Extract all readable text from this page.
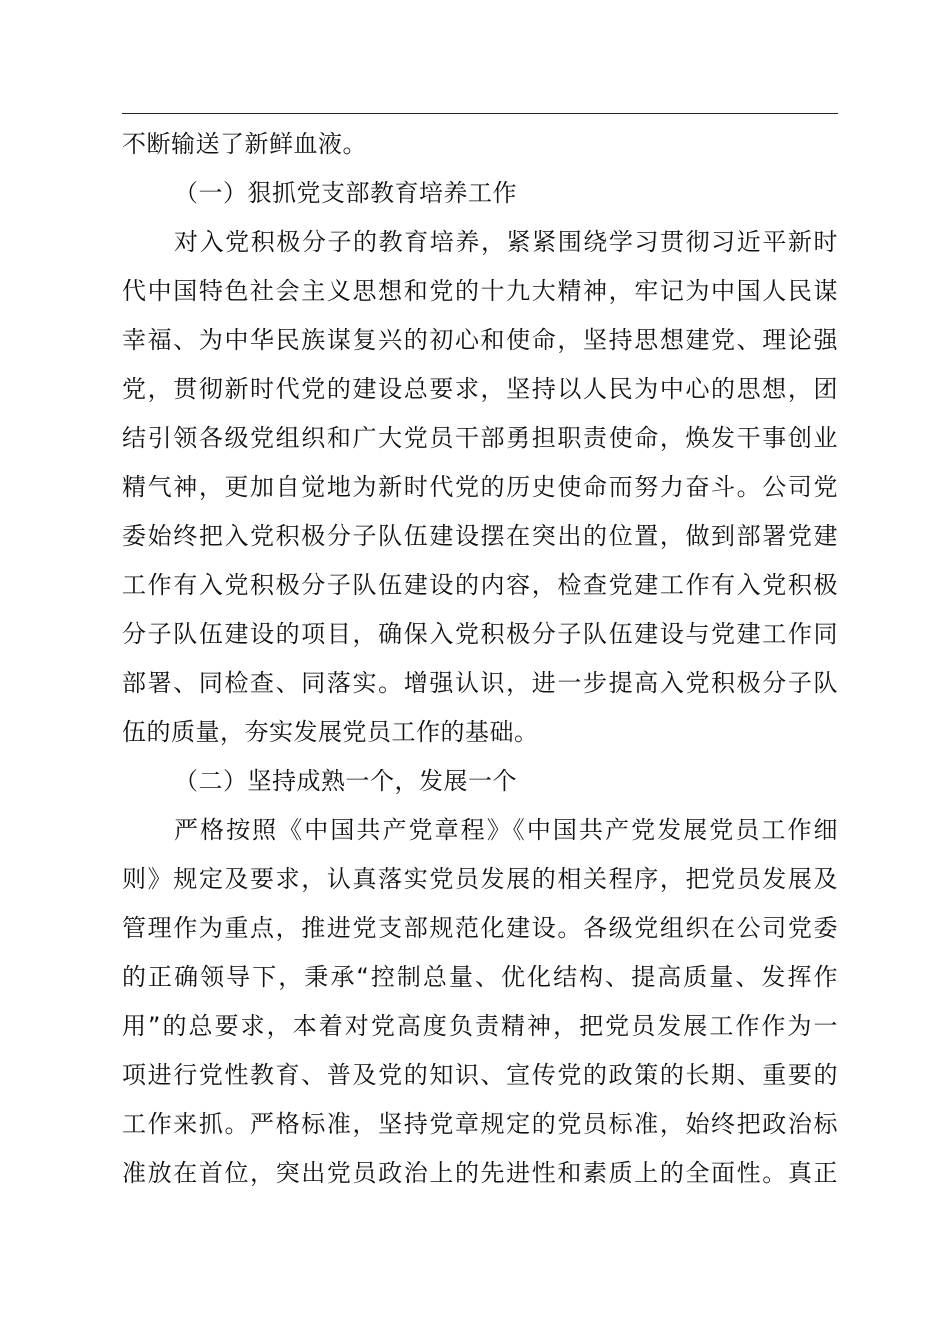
不断输送了新鲜血液。
（一）狠抓党支部教育培养工作
对入党积极分子的教育培养，紧紧围绕学习贯彻习近平新时
代中国特色社会主义思想和党的十九大精神，牢记为中国人民谋
幸福、为中华民族谋复兴的初心和使命，坚持思想建党、理论强
党，贯彻新时代党的建设总要求，坚持以人民为中心的思想，团
结引领各级党组织和广大党员干部勇担职责使命，焕发干事创业
精气神，更加自觉地为新时代党的历史使命而努力奋斗。公司党
委始终把入党积极分子队伍建设摆在突出的位置，做到部署党建
工作有入党积极分子队伍建设的内容，检查党建工作有入党积极
分子队伍建设的项目，确保入党积极分子队伍建设与党建工作同
部署、同检查、同落实。增强认识，进一步提高入党积极分子队
伍的质量，夯实发展党员工作的基础。
（二）坚持成熟一个，发展一个
严格按照《中国共产党章程》《中国共产党发展党员工作细
则》规定及要求，认真落实党员发展的相关程序，把党员发展及
管理作为重点，推进党支部规范化建设。各级党组织在公司党委
的正确领导下，秉承“控制总量、优化结构、提高质量、发挥作
用”的总要求，本着对党高度负责精神，把党员发展工作作为一
项进行党性教育、普及党的知识、宣传党的政策的长期、重要的
工作来抓。严格标准，坚持党章规定的党员标准，始终把政治标
准放在首位，突出党员政治上的先进性和素质上的全面性。真正
